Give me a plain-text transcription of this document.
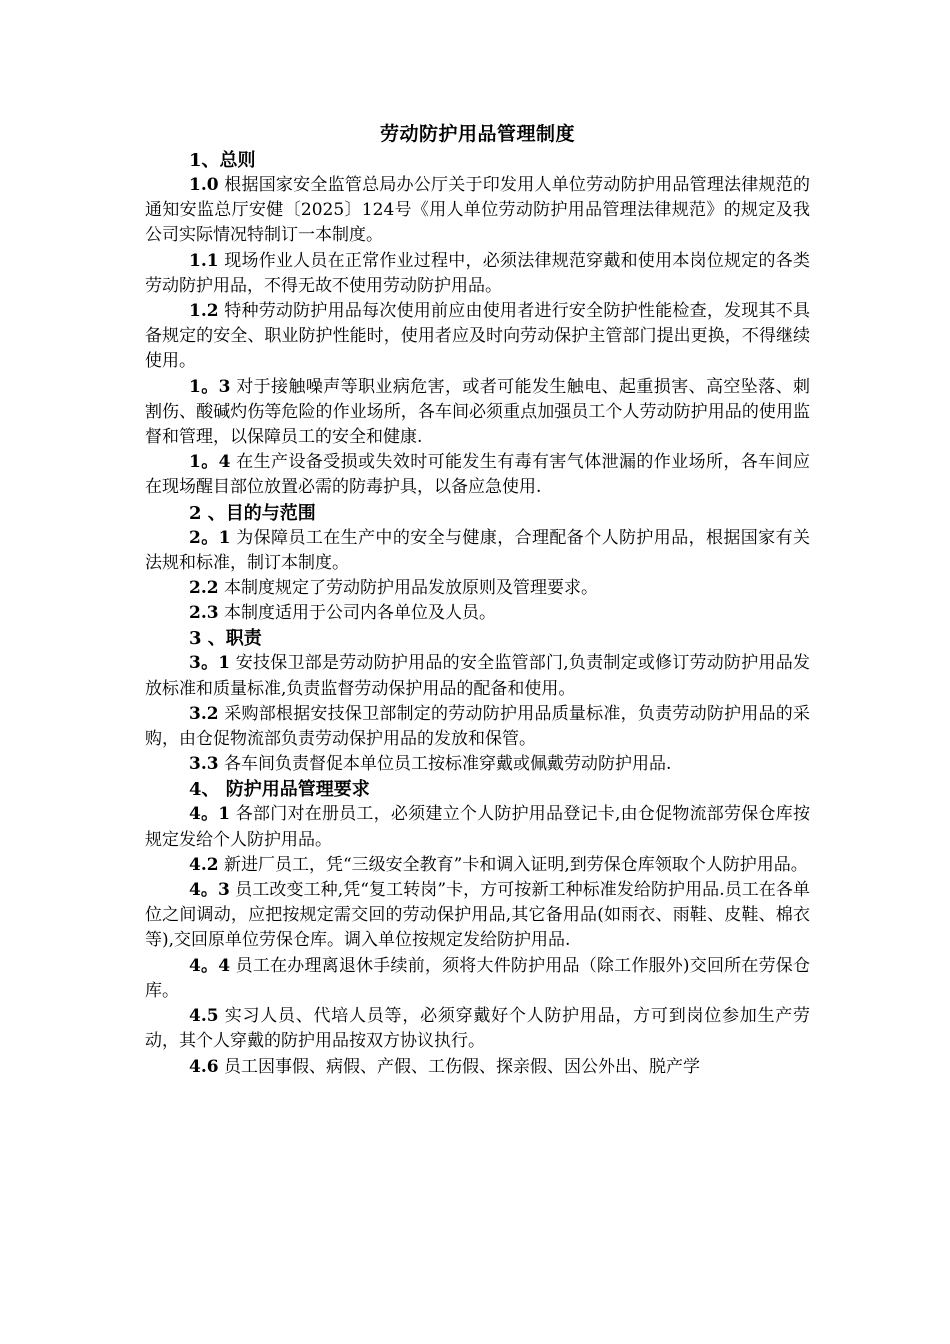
劳动防护用品管理制度

1、总则

1.0 根据国家安全监管总局办公厅关于印发用人单位劳动防护用品管理法律规范的通知安监总厅安健〔2025〕124号《用人单位劳动防护用品管理法律规范》的规定及我公司实际情况特制订一本制度。

1.1 现场作业人员在正常作业过程中，必须法律规范穿戴和使用本岗位规定的各类劳动防护用品，不得无故不使用劳动防护用品。

1.2 特种劳动防护用品每次使用前应由使用者进行安全防护性能检查，发现其不具备规定的安全、职业防护性能时，使用者应及时向劳动保护主管部门提出更换，不得继续使用。

1。3 对于接触噪声等职业病危害，或者可能发生触电、起重损害、高空坠落、刺割伤、酸碱灼伤等危险的作业场所，各车间必须重点加强员工个人劳动防护用品的使用监督和管理，以保障员工的安全和健康.

1。4 在生产设备受损或失效时可能发生有毒有害气体泄漏的作业场所，各车间应在现场醒目部位放置必需的防毒护具，以备应急使用.

2 、目的与范围

2。1 为保障员工在生产中的安全与健康，合理配备个人防护用品，根据国家有关法规和标准，制订本制度。

2.2 本制度规定了劳动防护用品发放原则及管理要求。

2.3 本制度适用于公司内各单位及人员。

3 、职责

3。1 安技保卫部是劳动防护用品的安全监管部门,负责制定或修订劳动防护用品发放标准和质量标准,负责监督劳动保护用品的配备和使用。

3.2 采购部根据安技保卫部制定的劳动防护用品质量标准，负责劳动防护用品的采购，由仓促物流部负责劳动保护用品的发放和保管。

3.3 各车间负责督促本单位员工按标准穿戴或佩戴劳动防护用品.

4、 防护用品管理要求

4。1 各部门对在册员工，必须建立个人防护用品登记卡,由仓促物流部劳保仓库按规定发给个人防护用品。

4.2 新进厂员工，凭“三级安全教育”卡和调入证明,到劳保仓库领取个人防护用品。

4。3 员工改变工种,凭“复工转岗”卡，方可按新工种标准发给防护用品.员工在各单位之间调动，应把按规定需交回的劳动保护用品,其它备用品(如雨衣、雨鞋、皮鞋、棉衣等),交回原单位劳保仓库。调入单位按规定发给防护用品.

4。4 员工在办理离退休手续前，须将大件防护用品（除工作服外)交回所在劳保仓库。

4.5 实习人员、代培人员等，必须穿戴好个人防护用品，方可到岗位参加生产劳动，其个人穿戴的防护用品按双方协议执行。

4.6 员工因事假、病假、产假、工伤假、探亲假、因公外出、脱产学
